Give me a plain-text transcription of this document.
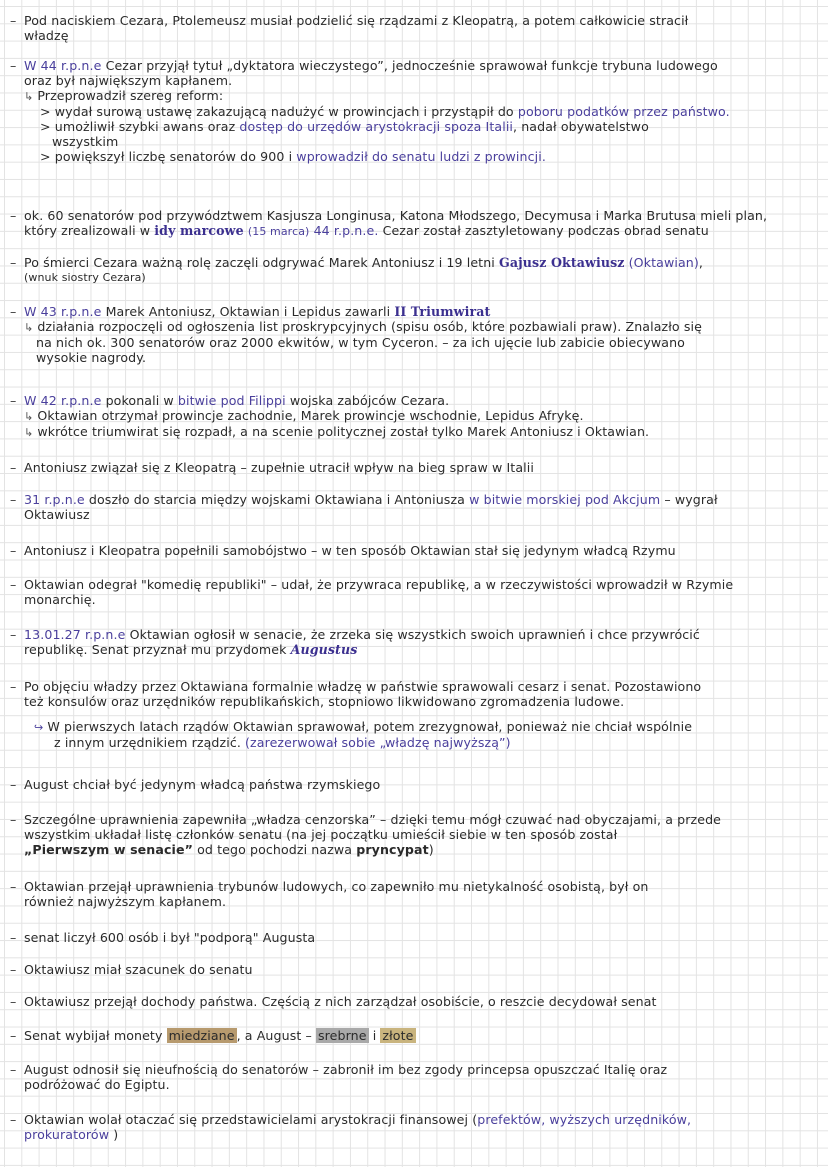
– Pod naciskiem Cezara, Ptolemeusz musiał podzielić się rządzami z Kleopatrą, a potem całkowicie stracił
władzę
– W 44 r.p.n.e Cezar przyjął tytuł „dyktatora wieczystego”, jednocześnie sprawował funkcje trybuna ludowego
oraz był największym kapłanem.
↳ Przeprowadził szereg reform:
> wydał surową ustawę zakazującą nadużyć w prowincjach i przystąpił do poboru podatków przez państwo.
> umożliwił szybki awans oraz dostęp do urzędów arystokracji spoza Italii, nadał obywatelstwo
wszystkim
> powiększył liczbę senatorów do 900 i wprowadził do senatu ludzi z prowincji.
– ok. 60 senatorów pod przywództwem Kasjusza Longinusa, Katona Młodszego, Decymusa i Marka Brutusa mieli plan,
który zrealizowali w idy marcowe (15 marca) 44 r.p.n.e. Cezar został zasztyletowany podczas obrad senatu
– Po śmierci Cezara ważną rolę zaczęli odgrywać Marek Antoniusz i 19 letni Gajusz Oktawiusz (Oktawian),
(wnuk siostry Cezara)
– W 43 r.p.n.e Marek Antoniusz, Oktawian i Lepidus zawarli II Triumwirat
↳ działania rozpoczęli od ogłoszenia list proskrypcyjnych (spisu osób, które pozbawiali praw). Znalazło się
na nich ok. 300 senatorów oraz 2000 ekwitów, w tym Cyceron. – za ich ujęcie lub zabicie obiecywano
wysokie nagrody.
– W 42 r.p.n.e pokonali w bitwie pod Filippi wojska zabójców Cezara.
↳ Oktawian otrzymał prowincje zachodnie, Marek prowincje wschodnie, Lepidus Afrykę.
↳ wkrótce triumwirat się rozpadł, a na scenie politycznej został tylko Marek Antoniusz i Oktawian.
– Antoniusz związał się z Kleopatrą – zupełnie utracił wpływ na bieg spraw w Italii
– 31 r.p.n.e doszło do starcia między wojskami Oktawiana i Antoniusza w bitwie morskiej pod Akcjum – wygrał
Oktawiusz
– Antoniusz i Kleopatra popełnili samobójstwo – w ten sposób Oktawian stał się jedynym władcą Rzymu
– Oktawian odegrał "komedię republiki" – udał, że przywraca republikę, a w rzeczywistości wprowadził w Rzymie
monarchię.
– 13.01.27 r.p.n.e Oktawian ogłosił w senacie, że zrzeka się wszystkich swoich uprawnień i chce przywrócić
republikę. Senat przyznał mu przydomek Augustus
– Po objęciu władzy przez Oktawiana formalnie władzę w państwie sprawowali cesarz i senat. Pozostawiono
też konsulów oraz urzędników republikańskich, stopniowo likwidowano zgromadzenia ludowe.
↪ W pierwszych latach rządów Oktawian sprawował, potem zrezygnował, ponieważ nie chciał wspólnie
z innym urzędnikiem rządzić. (zarezerwował sobie „władzę najwyższą”)
– August chciał być jedynym władcą państwa rzymskiego
– Szczególne uprawnienia zapewniła „władza cenzorska” – dzięki temu mógł czuwać nad obyczajami, a przede
wszystkim układał listę członków senatu (na jej początku umieścił siebie w ten sposób został
„Pierwszym w senacie” od tego pochodzi nazwa pryncypat)
– Oktawian przejął uprawnienia trybunów ludowych, co zapewniło mu nietykalność osobistą, był on
również najwyższym kapłanem.
– senat liczył 600 osób i był "podporą" Augusta
– Oktawiusz miał szacunek do senatu
– Oktawiusz przejął dochody państwa. Częścią z nich zarządzał osobiście, o reszcie decydował senat
– Senat wybijał monety miedziane , a August – srebrne i złote
– August odnosił się nieufnością do senatorów – zabronił im bez zgody princepsa opuszczać Italię oraz
podróżować do Egiptu.
– Oktawian wolał otaczać się przedstawicielami arystokracji finansowej (prefektów, wyższych urzędników,
prokuratorów )
